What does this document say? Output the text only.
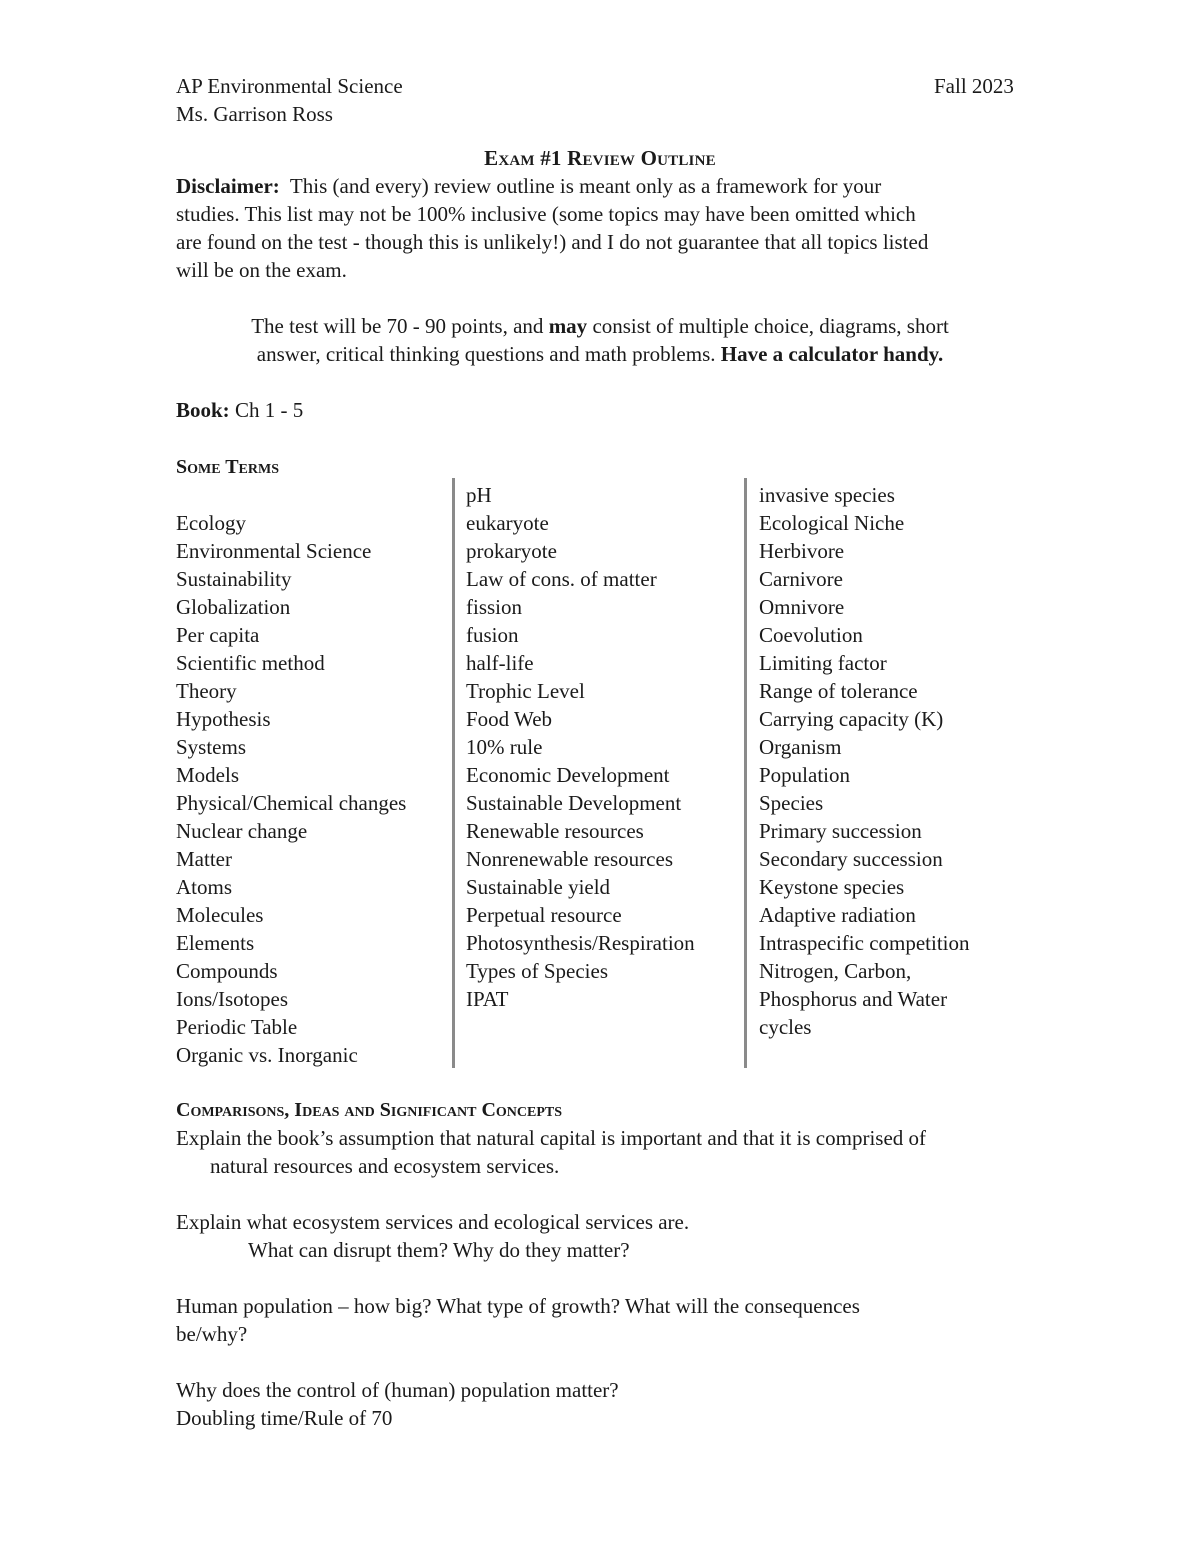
AP Environmental Science
Ms. Garrison Ross
Fall 2023
Exam #1 Review Outline
Disclaimer: This (and every) review outline is meant only as a framework for your
studies. This list may not be 100% inclusive (some topics may have been omitted which
are found on the test - though this is unlikely!) and I do not guarantee that all topics listed
will be on the exam.
The test will be 70 - 90 points, and may consist of multiple choice, diagrams, short
answer, critical thinking questions and math problems. Have a calculator handy.
Book: Ch 1 - 5
Some Terms
Ecology
Environmental Science
Sustainability
Globalization
Per capita
Scientific method
Theory
Hypothesis
Systems
Models
Physical/Chemical changes
Nuclear change
Matter
Atoms
Molecules
Elements
Compounds
Ions/Isotopes
Periodic Table
Organic vs. Inorganic
pH
eukaryote
prokaryote
Law of cons. of matter
fission
fusion
half-life
Trophic Level
Food Web
10% rule
Economic Development
Sustainable Development
Renewable resources
Nonrenewable resources
Sustainable yield
Perpetual resource
Photosynthesis/Respiration
Types of Species
IPAT
invasive species
Ecological Niche
Herbivore
Carnivore
Omnivore
Coevolution
Limiting factor
Range of tolerance
Carrying capacity (K)
Organism
Population
Species
Primary succession
Secondary succession
Keystone species
Adaptive radiation
Intraspecific competition
Nitrogen, Carbon,
Phosphorus and Water
cycles
Comparisons, Ideas and Significant Concepts
Explain the book’s assumption that natural capital is important and that it is comprised of
natural resources and ecosystem services.
Explain what ecosystem services and ecological services are.
What can disrupt them? Why do they matter?
Human population – how big? What type of growth? What will the consequences
be/why?
Why does the control of (human) population matter?
Doubling time/Rule of 70
